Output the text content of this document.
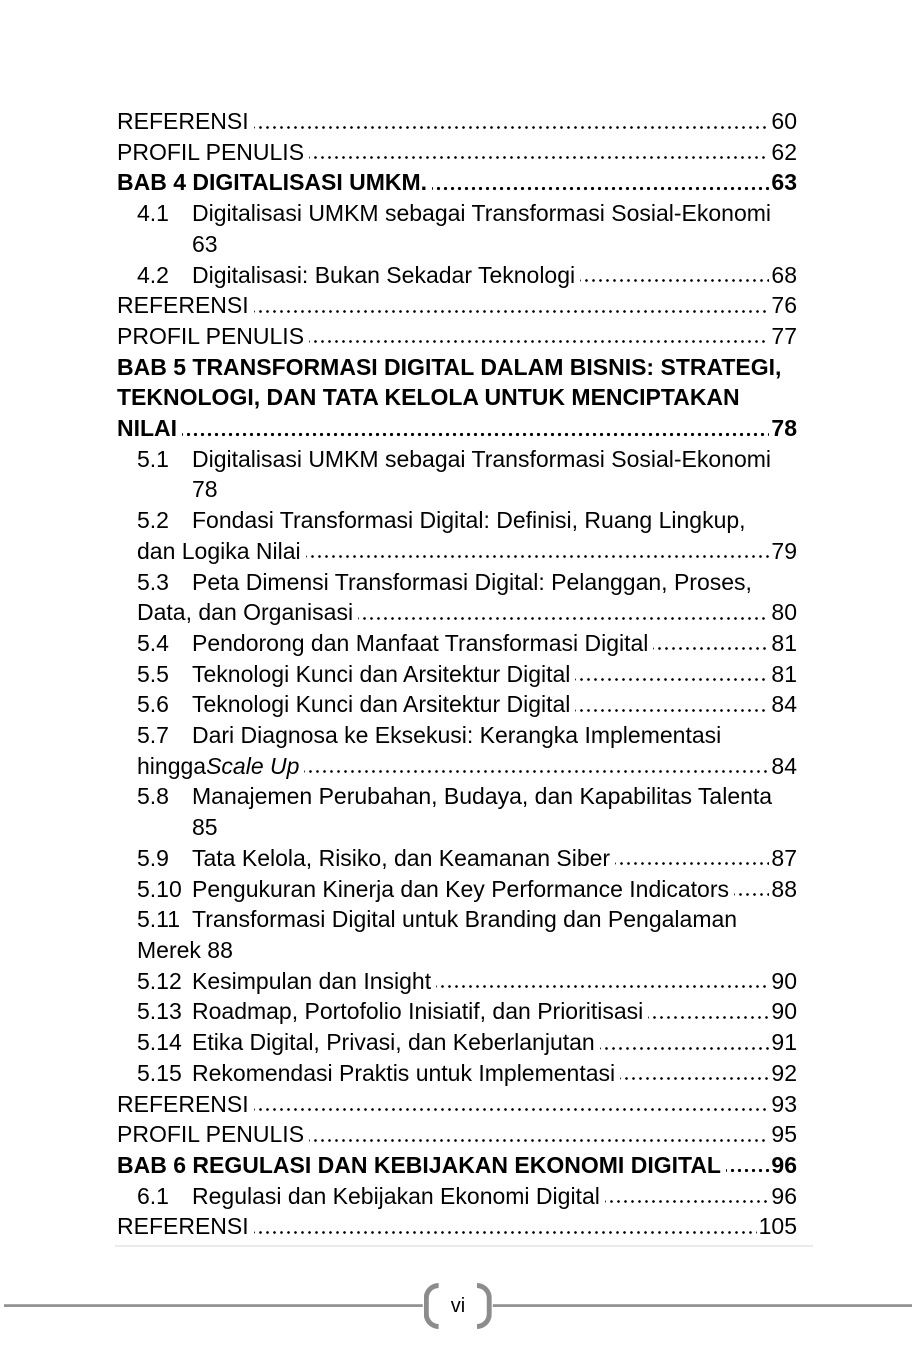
REFERENSI	60
PROFIL PENULIS	62
BAB 4 DIGITALISASI UMKM.	63
4.1	Digitalisasi UMKM sebagai Transformasi Sosial-Ekonomi
63
4.2	Digitalisasi: Bukan Sekadar Teknologi	68
REFERENSI	76
PROFIL PENULIS	77
BAB 5 TRANSFORMASI DIGITAL DALAM BISNIS: STRATEGI,
TEKNOLOGI, DAN TATA KELOLA UNTUK MENCIPTAKAN
NILAI	78
5.1	Digitalisasi UMKM sebagai Transformasi Sosial-Ekonomi
78
5.2	Fondasi Transformasi Digital: Definisi, Ruang Lingkup,
dan Logika Nilai	79
5.3	Peta Dimensi Transformasi Digital: Pelanggan, Proses,
Data, dan Organisasi	80
5.4	Pendorong dan Manfaat Transformasi Digital	81
5.5	Teknologi Kunci dan Arsitektur Digital	81
5.6	Teknologi Kunci dan Arsitektur Digital	84
5.7	Dari Diagnosa ke Eksekusi: Kerangka Implementasi
hingga Scale Up	84
5.8	Manajemen Perubahan, Budaya, dan Kapabilitas Talenta
85
5.9	Tata Kelola, Risiko, dan Keamanan Siber	87
5.10 Pengukuran Kinerja dan Key Performance Indicators 88
5.11 Transformasi Digital untuk Branding dan Pengalaman
Merek 88
5.12 Kesimpulan dan Insight	90
5.13 Roadmap, Portofolio Inisiatif, dan Prioritisasi	90
5.14 Etika Digital, Privasi, dan Keberlanjutan	91
5.15 Rekomendasi Praktis untuk Implementasi	92
REFERENSI	93
PROFIL PENULIS	95
BAB 6 REGULASI DAN KEBIJAKAN EKONOMI DIGITAL 96
6.1	Regulasi dan Kebijakan Ekonomi Digital	96
REFERENSI	105
vi
